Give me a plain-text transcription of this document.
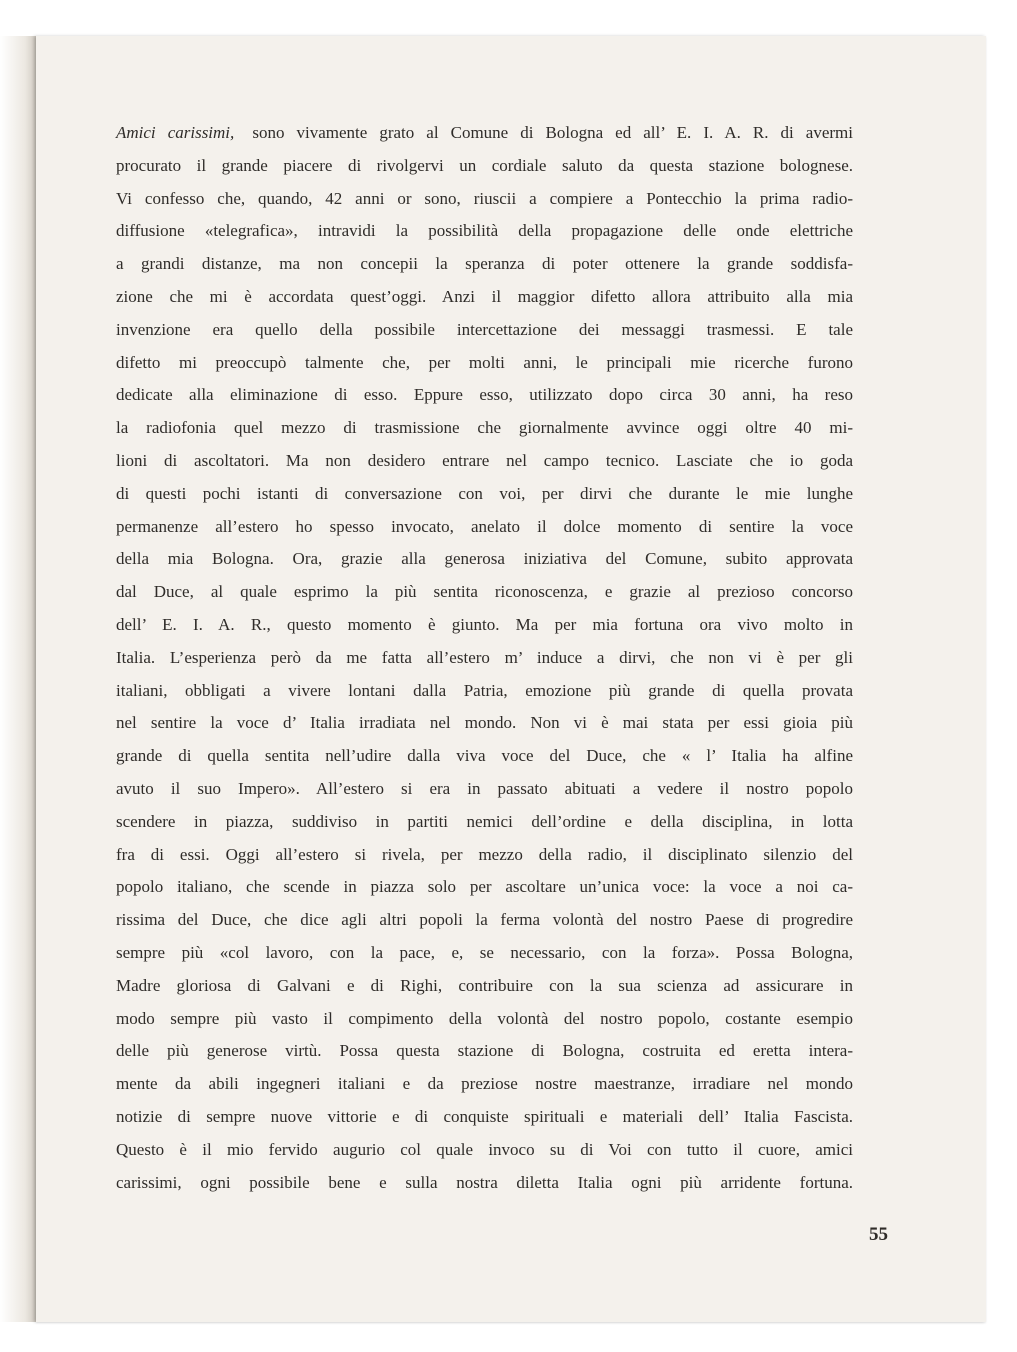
Amici carissimi, sono vivamente grato al Comune di Bologna ed all’ E. I. A. R. di avermi
procurato il grande piacere di rivolgervi un cordiale saluto da questa stazione bolognese.
Vi confesso che, quando, 42 anni or sono, riuscii a compiere a Pontecchio la prima radio-
diffusione «telegrafica», intravidi la possibilità della propagazione delle onde elettriche
a grandi distanze, ma non concepii la speranza di poter ottenere la grande soddisfa-
zione che mi è accordata quest’oggi. Anzi il maggior difetto allora attribuito alla mia
invenzione era quello della possibile intercettazione dei messaggi trasmessi. E tale
difetto mi preoccupò talmente che, per molti anni, le principali mie ricerche furono
dedicate alla eliminazione di esso. Eppure esso, utilizzato dopo circa 30 anni, ha reso
la radiofonia quel mezzo di trasmissione che giornalmente avvince oggi oltre 40 mi-
lioni di ascoltatori. Ma non desidero entrare nel campo tecnico. Lasciate che io goda
di questi pochi istanti di conversazione con voi, per dirvi che durante le mie lunghe
permanenze all’estero ho spesso invocato, anelato il dolce momento di sentire la voce
della mia Bologna. Ora, grazie alla generosa iniziativa del Comune, subito approvata
dal Duce, al quale esprimo la più sentita riconoscenza, e grazie al prezioso concorso
dell’ E. I. A. R., questo momento è giunto. Ma per mia fortuna ora vivo molto in
Italia. L’esperienza però da me fatta all’estero m’ induce a dirvi, che non vi è per gli
italiani, obbligati a vivere lontani dalla Patria, emozione più grande di quella provata
nel sentire la voce d’ Italia irradiata nel mondo. Non vi è mai stata per essi gioia più
grande di quella sentita nell’udire dalla viva voce del Duce, che « l’ Italia ha alfine
avuto il suo Impero». All’estero si era in passato abituati a vedere il nostro popolo
scendere in piazza, suddiviso in partiti nemici dell’ordine e della disciplina, in lotta
fra di essi. Oggi all’estero si rivela, per mezzo della radio, il disciplinato silenzio del
popolo italiano, che scende in piazza solo per ascoltare un’unica voce: la voce a noi ca-
rissima del Duce, che dice agli altri popoli la ferma volontà del nostro Paese di progredire
sempre più «col lavoro, con la pace, e, se necessario, con la forza». Possa Bologna,
Madre gloriosa di Galvani e di Righi, contribuire con la sua scienza ad assicurare in
modo sempre più vasto il compimento della volontà del nostro popolo, costante esempio
delle più generose virtù. Possa questa stazione di Bologna, costruita ed eretta intera-
mente da abili ingegneri italiani e da preziose nostre maestranze, irradiare nel mondo
notizie di sempre nuove vittorie e di conquiste spirituali e materiali dell’ Italia Fascista.
Questo è il mio fervido augurio col quale invoco su di Voi con tutto il cuore, amici
carissimi, ogni possibile bene e sulla nostra diletta Italia ogni più arridente fortuna.
55
